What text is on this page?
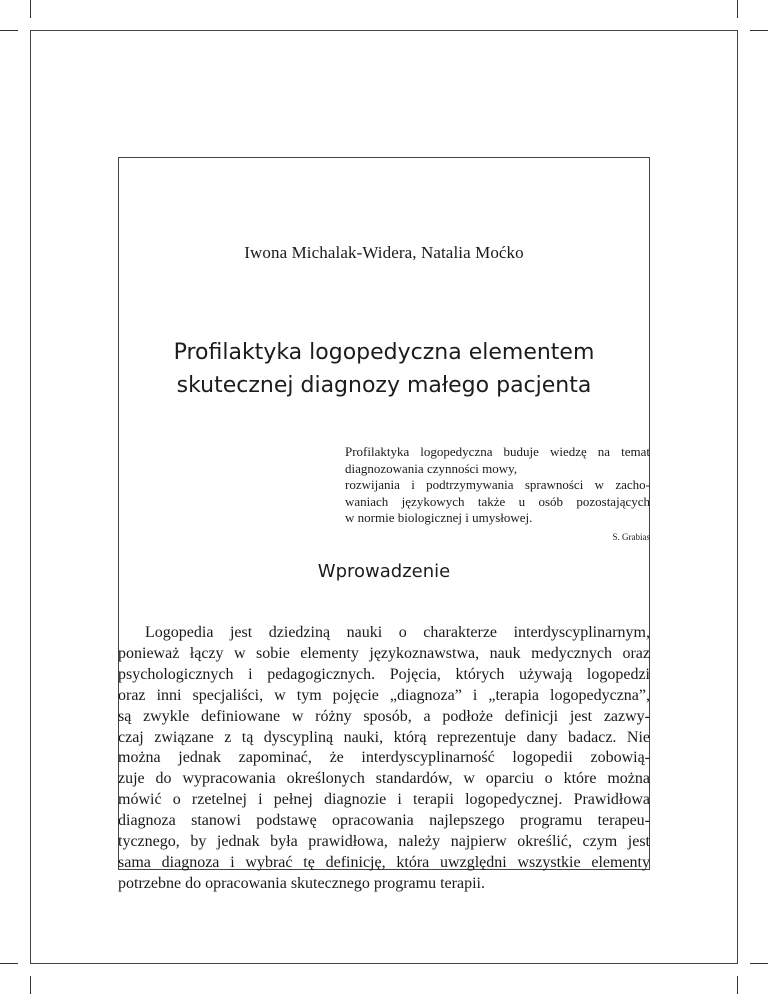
Iwona Michalak-Widera, Natalia Moćko
Profilaktyka logopedyczna elementem
skutecznej diagnozy małego pacjenta
Profilaktyka logopedyczna buduje wiedzę na temat
diagnozowania czynności mowy,
rozwijania i podtrzymywania sprawności w zacho-
waniach językowych także u osób pozostających
w normie biologicznej i umysłowej.
S. Grabias
Wprowadzenie
Logopedia jest dziedziną nauki o charakterze interdyscyplinarnym,
ponieważ łączy w sobie elementy językoznawstwa, nauk medycznych oraz
psychologicznych i pedagogicznych. Pojęcia, których używają logopedzi
oraz inni specjaliści, w tym pojęcie „diagnoza” i „terapia logopedyczna”,
są zwykle definiowane w różny sposób, a podłoże definicji jest zazwy-
czaj związane z tą dyscypliną nauki, którą reprezentuje dany badacz. Nie
można jednak zapominać, że interdyscyplinarność logopedii zobowią-
zuje do wypracowania określonych standardów, w oparciu o które można
mówić o rzetelnej i pełnej diagnozie i terapii logopedycznej. Prawidłowa
diagnoza stanowi podstawę opracowania najlepszego programu terapeu-
tycznego, by jednak była prawidłowa, należy najpierw określić, czym jest
sama diagnoza i wybrać tę definicję, która uwzględni wszystkie elementy
potrzebne do opracowania skutecznego programu terapii.
